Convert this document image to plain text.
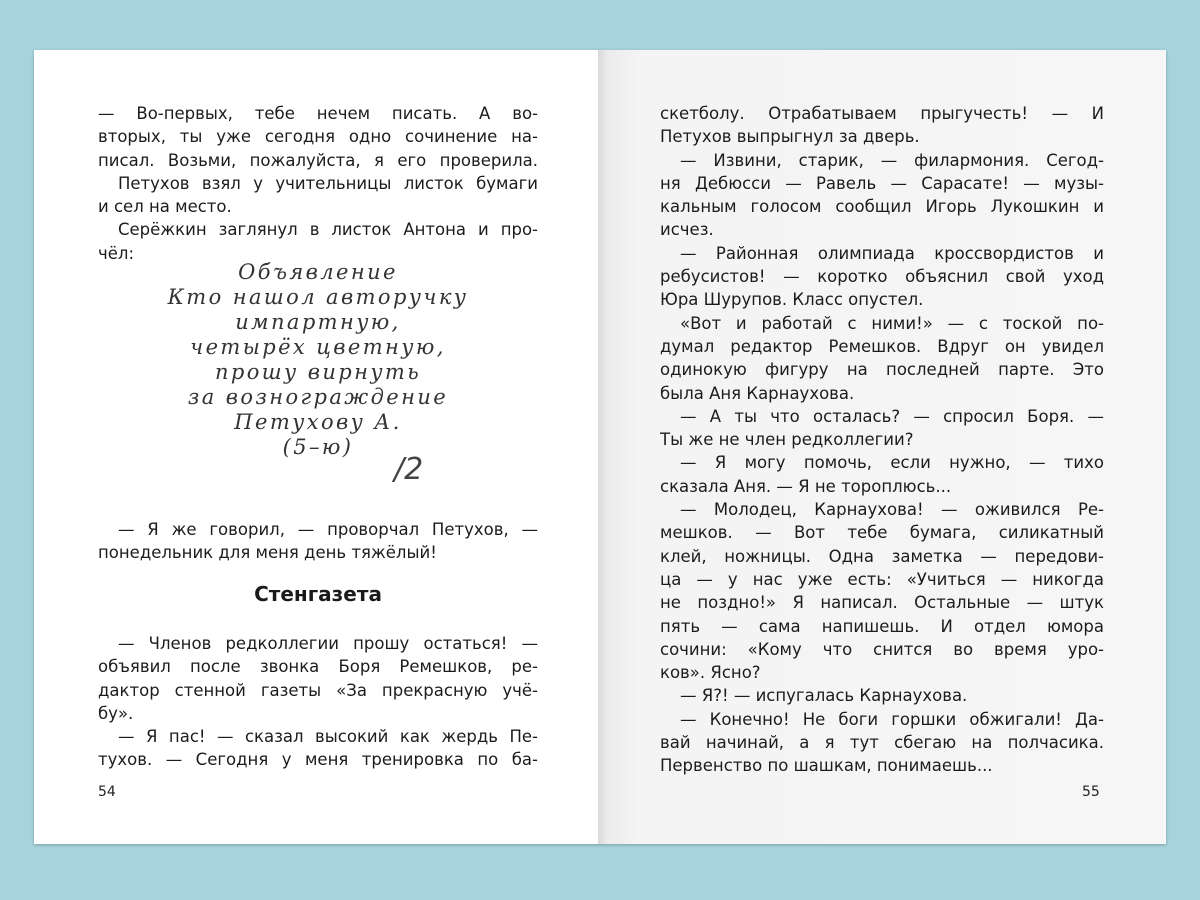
— Во-первых, тебе нечем писать. А во-
вторых, ты уже сегодня одно сочинение на-
писал. Возьми, пожалуйста, я его проверила.
Петухов взял у учительницы листок бумаги
и сел на место.
Серёжкин заглянул в листок Антона и про-
чёл:
Объявление
Кто нашол авторучку
импартную,
четырёх цветную,
прошу вирнуть
за вознограждение
Петухову А.
(5–ю)
/2
— Я же говорил, — проворчал Петухов, —
понедельник для меня день тяжёлый!
Стенгазета
— Членов редколлегии прошу остаться! —
объявил после звонка Боря Ремешков, ре-
дактор стенной газеты «За прекрасную учё-
бу».
— Я пас! — сказал высокий как жердь Пе-
тухов. — Сегодня у меня тренировка по ба-
54
скетболу. Отрабатываем прыгучесть! — И
Петухов выпрыгнул за дверь.
— Извини, старик, — филармония. Сегод-
ня Дебюсси — Равель — Сарасате! — музы-
кальным голосом сообщил Игорь Лукошкин и
исчез.
— Районная олимпиада кроссвордистов и
ребусистов! — коротко объяснил свой уход
Юра Шурупов. Класс опустел.
«Вот и работай с ними!» — с тоской по-
думал редактор Ремешков. Вдруг он увидел
одинокую фигуру на последней парте. Это
была Аня Карнаухова.
— А ты что осталась? — спросил Боря. —
Ты же не член редколлегии?
— Я могу помочь, если нужно, — тихо
сказала Аня. — Я не тороплюсь...
— Молодец, Карнаухова! — оживился Ре-
мешков. — Вот тебе бумага, силикатный
клей, ножницы. Одна заметка — передови-
ца — у нас уже есть: «Учиться — никогда
не поздно!» Я написал. Остальные — штук
пять — сама напишешь. И отдел юмора
сочини: «Кому что снится во время уро-
ков». Ясно?
— Я?! — испугалась Карнаухова.
— Конечно! Не боги горшки обжигали! Да-
вай начинай, а я тут сбегаю на полчасика.
Первенство по шашкам, понимаешь...
55
